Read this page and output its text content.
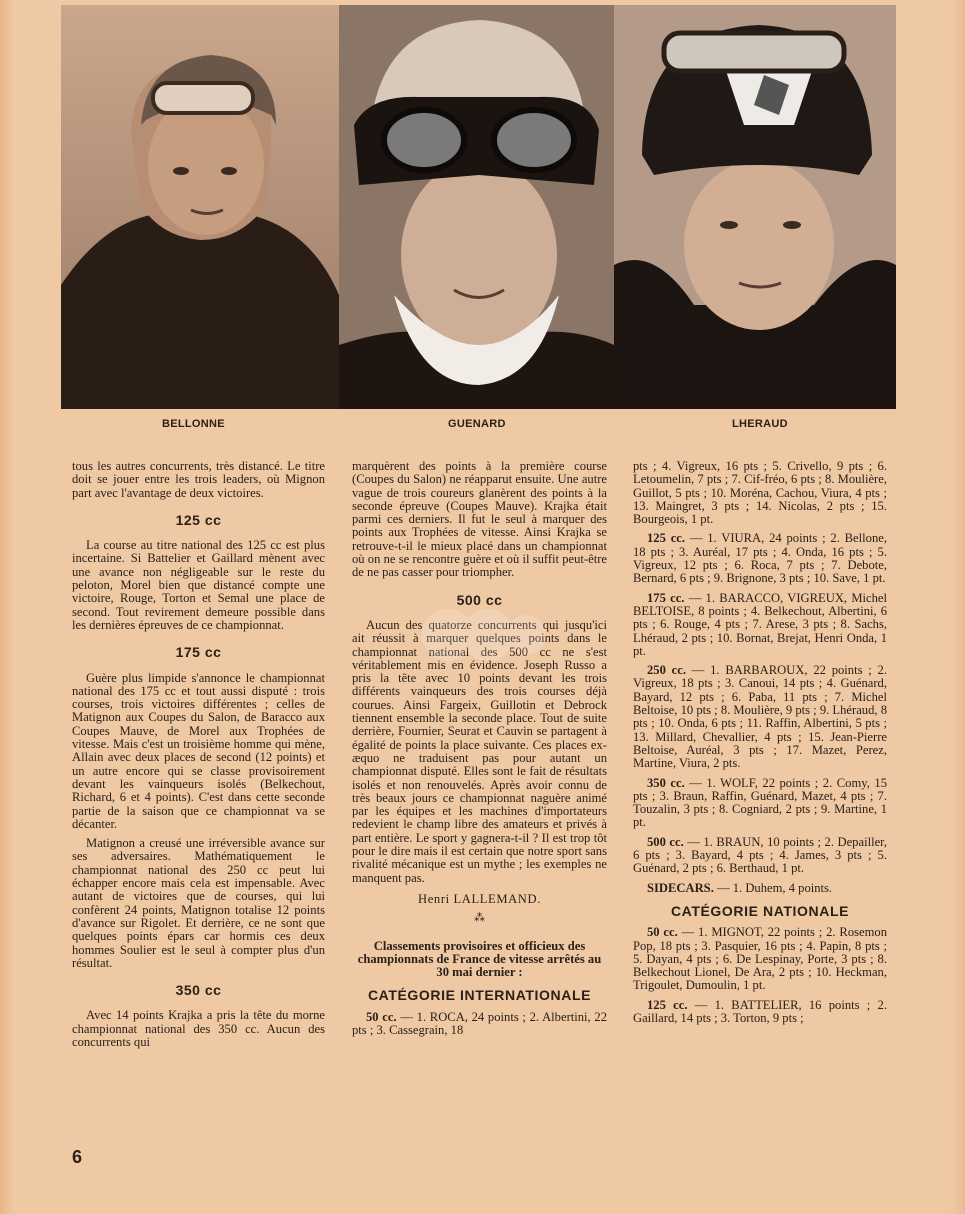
BELLONNE	GUENARD	LHERAUD

tous les autres concurrents, très distancé. Le titre doit se jouer entre les trois leaders, où Mignon part avec l'avantage de deux victoires.

125 cc

La course au titre national des 125 cc est plus incertaine. Si Battelier et Gaillard mènent avec une avance non négligeable sur le reste du peloton, Morel bien que distancé compte une victoire, Rouge, Torton et Semal une place de second. Tout revirement demeure possible dans les dernières épreuves de ce championnat.

175 cc

Guère plus limpide s'annonce le championnat national des 175 cc et tout aussi disputé : trois courses, trois victoires différentes ; celles de Matignon aux Coupes du Salon, de Baracco aux Coupes Mauve, de Morel aux Trophées de vitesse. Mais c'est un troisième homme qui mène, Allain avec deux places de second (12 points) et un autre encore qui se classe provisoirement devant les vainqueurs isolés (Belkechout, Richard, 6 et 4 points). C'est dans cette seconde partie de la saison que ce championnat va se décanter.

Matignon a creusé une irréversible avance sur ses adversaires. Mathématiquement le championnat national des 250 cc peut lui échapper encore mais cela est impensable. Avec autant de victoires que de courses, qui lui confèrent 24 points, Matignon totalise 12 points d'avance sur Rigolet. Et derrière, ce ne sont que quelques points épars car hormis ces deux hommes Soulier est le seul à compter plus d'un résultat.

350 cc

Avec 14 points Krajka a pris la tête du morne championnat national des 350 cc. Aucun des concurrents qui

marquèrent des points à la première course (Coupes du Salon) ne réapparut ensuite. Une autre vague de trois coureurs glanèrent des points à la seconde épreuve (Coupes Mauve). Krajka était parmi ces derniers. Il fut le seul à marquer des points aux Trophées de vitesse. Ainsi Krajka se retrouve-t-il le mieux placé dans un championnat où on ne se rencontre guère et où il suffit peut-être de ne pas casser pour triompher.

500 cc

Aucun des quatorze concurrents qui jusqu'ici ait réussit à marquer quelques points dans le championnat national des 500 cc ne s'est véritablement mis en évidence. Joseph Russo a pris la tête avec 10 points devant les trois différents vainqueurs des trois courses déjà courues. Ainsi Fargeix, Guillotin et Debrock tiennent ensemble la seconde place. Tout de suite derrière, Fournier, Seurat et Cauvin se partagent à égalité de points la place suivante. Ces places ex-æquo ne traduisent pas pour autant un championnat disputé. Elles sont le fait de résultats isolés et non renouvelés. Après avoir connu de très beaux jours ce championnat naguère animé par les équipes et les machines d'importateurs redevient le champ libre des amateurs et privés à part entière. Le sport y gagnera-t-il ? Il est trop tôt pour le dire mais il est certain que notre sport sans rivalité mécanique est un mythe ; les exemples ne manquent pas.

Henri LALLEMAND.

⁂

Classements provisoires et officieux des championnats de France de vitesse arrêtés au 30 mai dernier :

CATÉGORIE INTERNATIONALE

50 cc. — 1. ROCA, 24 points ; 2. Albertini, 22 pts ; 3. Cassegrain, 18

pts ; 4. Vigreux, 16 pts ; 5. Crivello, 9 pts ; 6. Letoumelin, 7 pts ; 7. Cif-fréo, 6 pts ; 8. Moulière, Guillot, 5 pts ; 10. Moréna, Cachou, Viura, 4 pts ; 13. Maingret, 3 pts ; 14. Nicolas, 2 pts ; 15. Bourgeois, 1 pt.

125 cc. — 1. VIURA, 24 points ; 2. Bellone, 18 pts ; 3. Auréal, 17 pts ; 4. Onda, 16 pts ; 5. Vigreux, 12 pts ; 6. Roca, 7 pts ; 7. Debote, Bernard, 6 pts ; 9. Brignone, 3 pts ; 10. Save, 1 pt.

175 cc. — 1. BARACCO, VIGREUX, Michel BELTOISE, 8 points ; 4. Belkechout, Albertini, 6 pts ; 6. Rouge, 4 pts ; 7. Arese, 3 pts ; 8. Sachs, Lhéraud, 2 pts ; 10. Bornat, Brejat, Henri Onda, 1 pt.

250 cc. — 1. BARBAROUX, 22 points ; 2. Vigreux, 18 pts ; 3. Canoui, 14 pts ; 4. Guénard, Bayard, 12 pts ; 6. Paba, 11 pts ; 7. Michel Beltoise, 10 pts ; 8. Moulière, 9 pts ; 9. Lhéraud, 8 pts ; 10. Onda, 6 pts ; 11. Raffin, Albertini, 5 pts ; 13. Millard, Chevallier, 4 pts ; 15. Jean-Pierre Beltoise, Auréal, 3 pts ; 17. Mazet, Perez, Martine, Viura, 2 pts.

350 cc. — 1. WOLF, 22 points ; 2. Comy, 15 pts ; 3. Braun, Raffin, Guénard, Mazet, 4 pts ; 7. Touzalin, 3 pts ; 8. Cogniard, 2 pts ; 9. Martine, 1 pt.

500 cc. — 1. BRAUN, 10 points ; 2. Depailler, 6 pts ; 3. Bayard, 4 pts ; 4. James, 3 pts ; 5. Guénard, 2 pts ; 6. Berthaud, 1 pt.

SIDECARS. — 1. Duhem, 4 points.

CATÉGORIE NATIONALE

50 cc. — 1. MIGNOT, 22 points ; 2. Rosemon Pop, 18 pts ; 3. Pasquier, 16 pts ; 4. Papin, 8 pts ; 5. Dayan, 4 pts ; 6. De Lespinay, Porte, 3 pts ; 8. Belkechout Lionel, De Ara, 2 pts ; 10. Heckman, Trigoulet, Dumoulin, 1 pt.

125 cc. — 1. BATTELIER, 16 points ; 2. Gaillard, 14 pts ; 3. Torton, 9 pts ;

6
